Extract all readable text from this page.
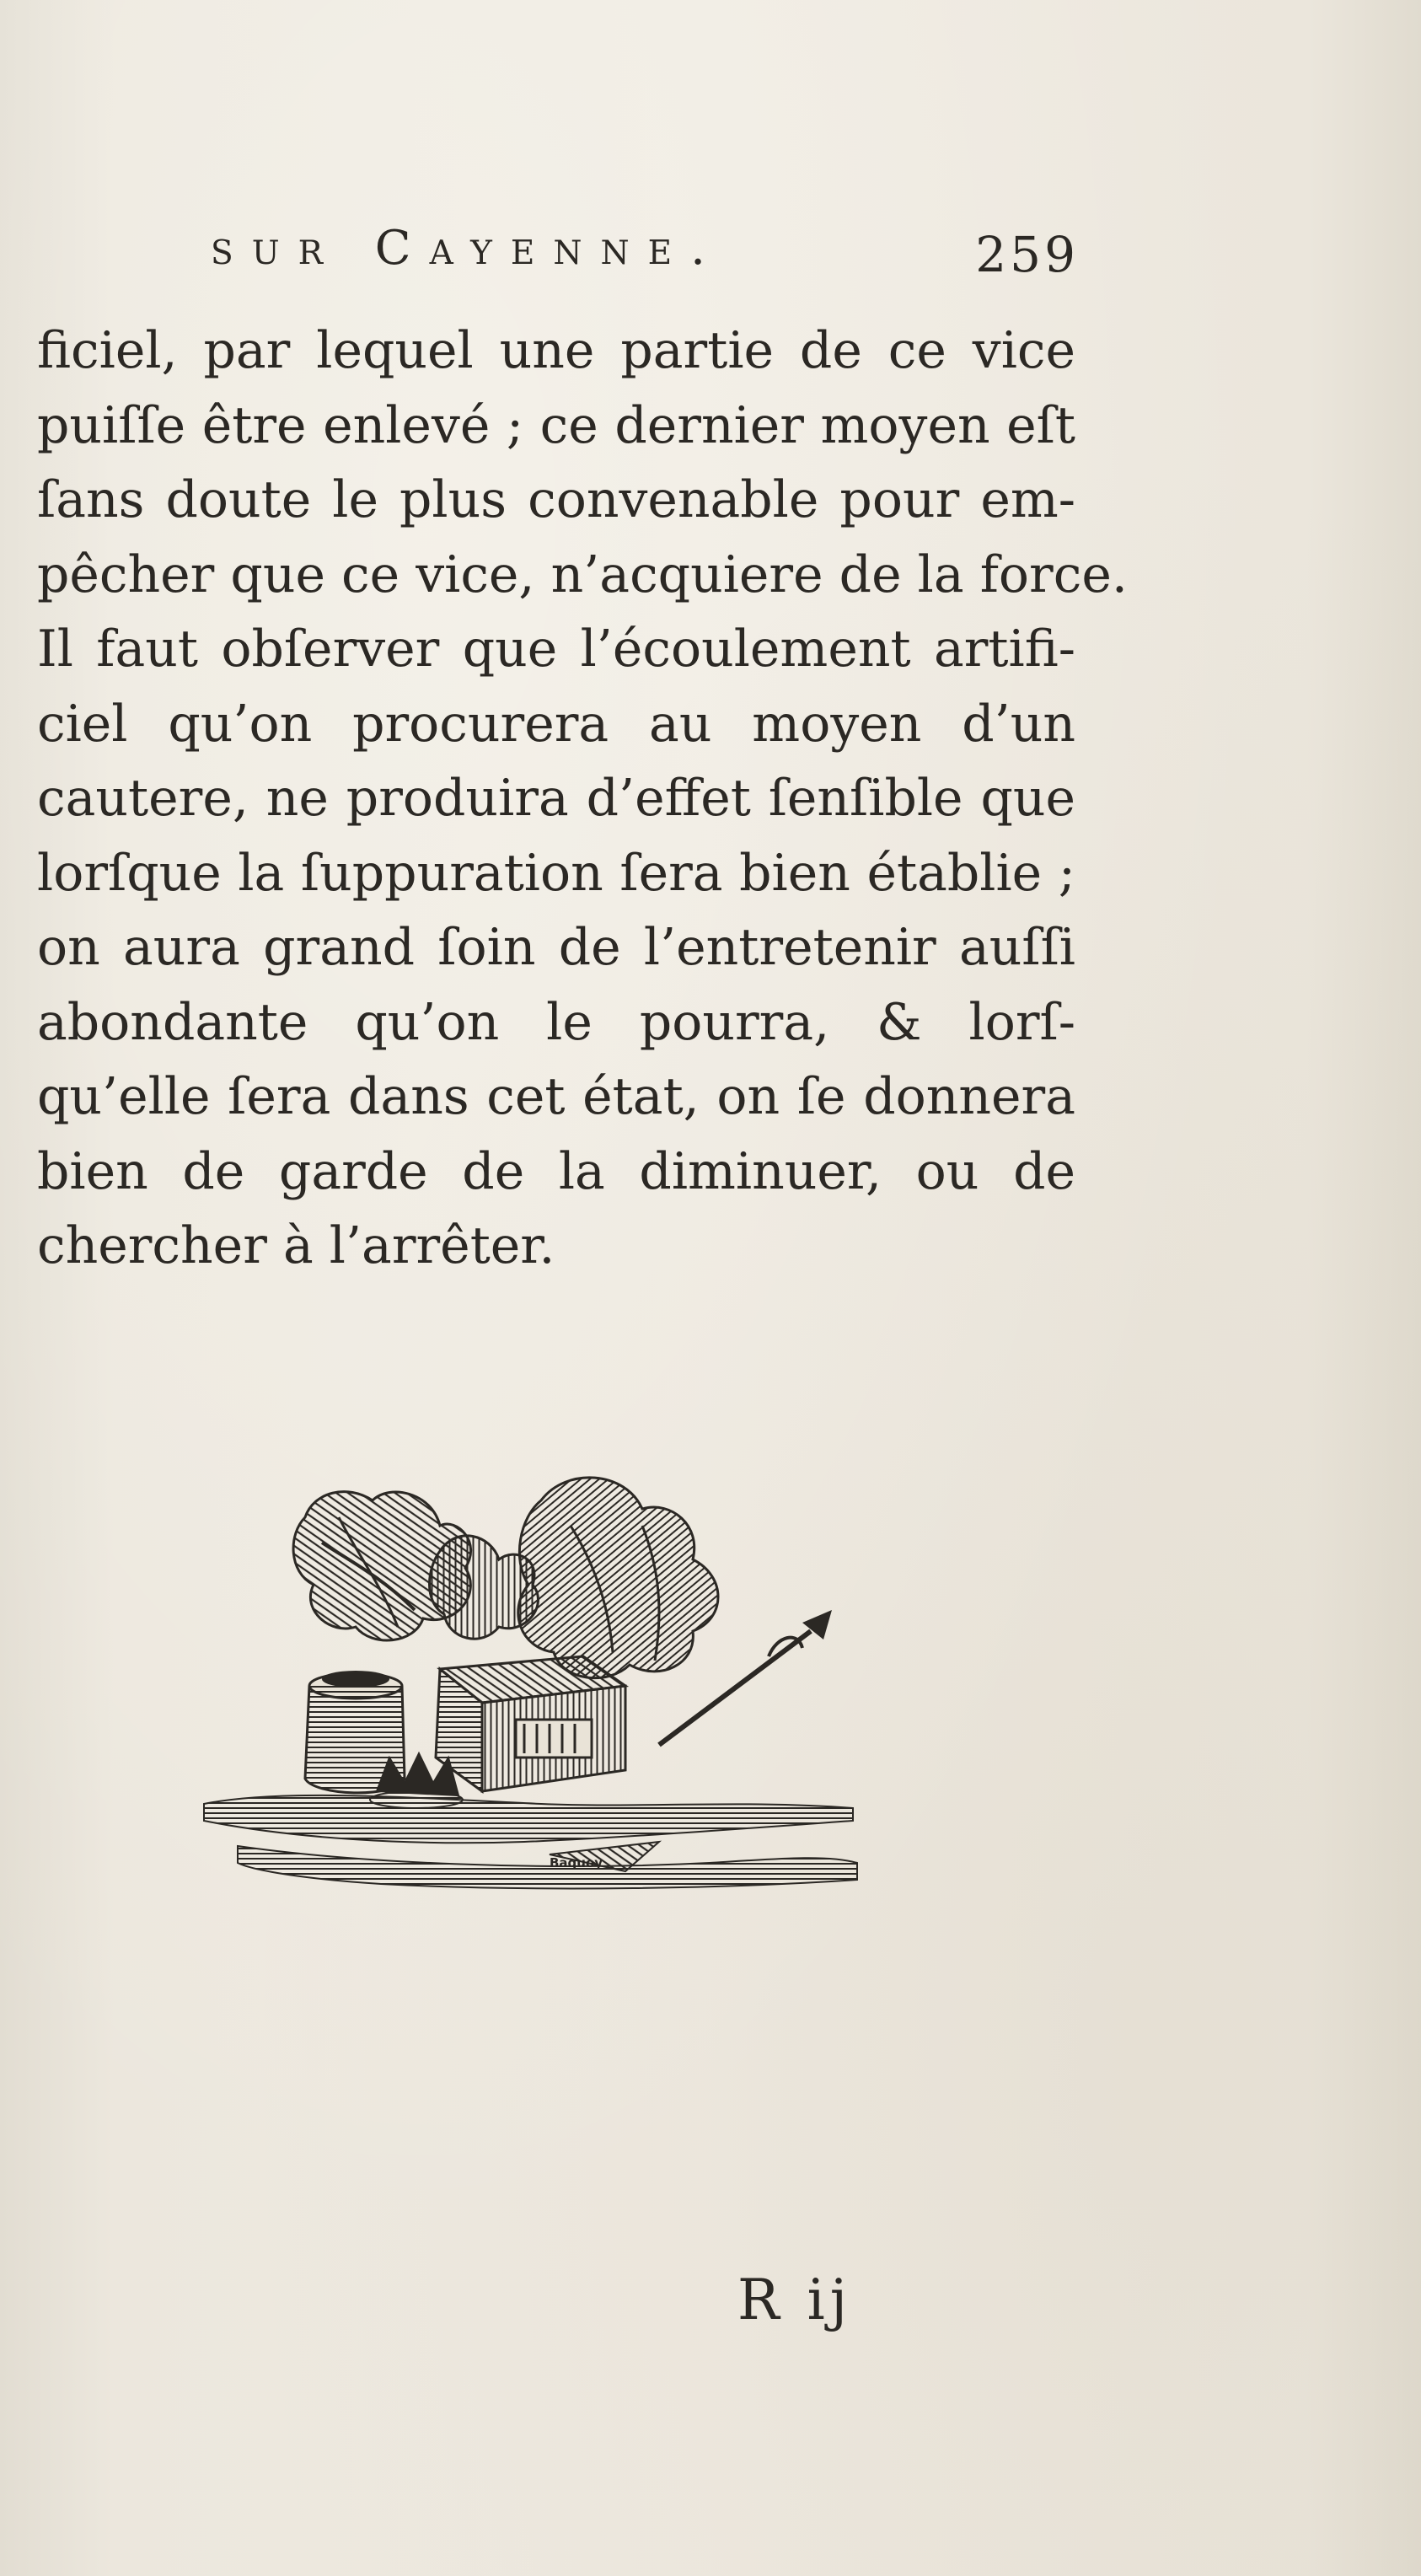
sur Cayenne.	259
ficiel, par lequel une partie de ce vice
puiſſe être enlevé ; ce dernier moyen eſt
ſans doute le plus convenable pour em-
pêcher que ce vice, n’acquiere de la force.
Il faut obſerver que l’écoulement artifi-
ciel qu’on procurera au moyen d’un
cautere, ne produira d’effet ſenſible que
lorſque la ſuppuration ſera bien établie ;
on aura grand ſoin de l’entretenir auſſi
abondante qu’on le pourra, & lorſ-
qu’elle ſera dans cet état, on ſe donnera
bien de garde de la diminuer, ou de
chercher à l’arrêter.
Baquoy
R ij
